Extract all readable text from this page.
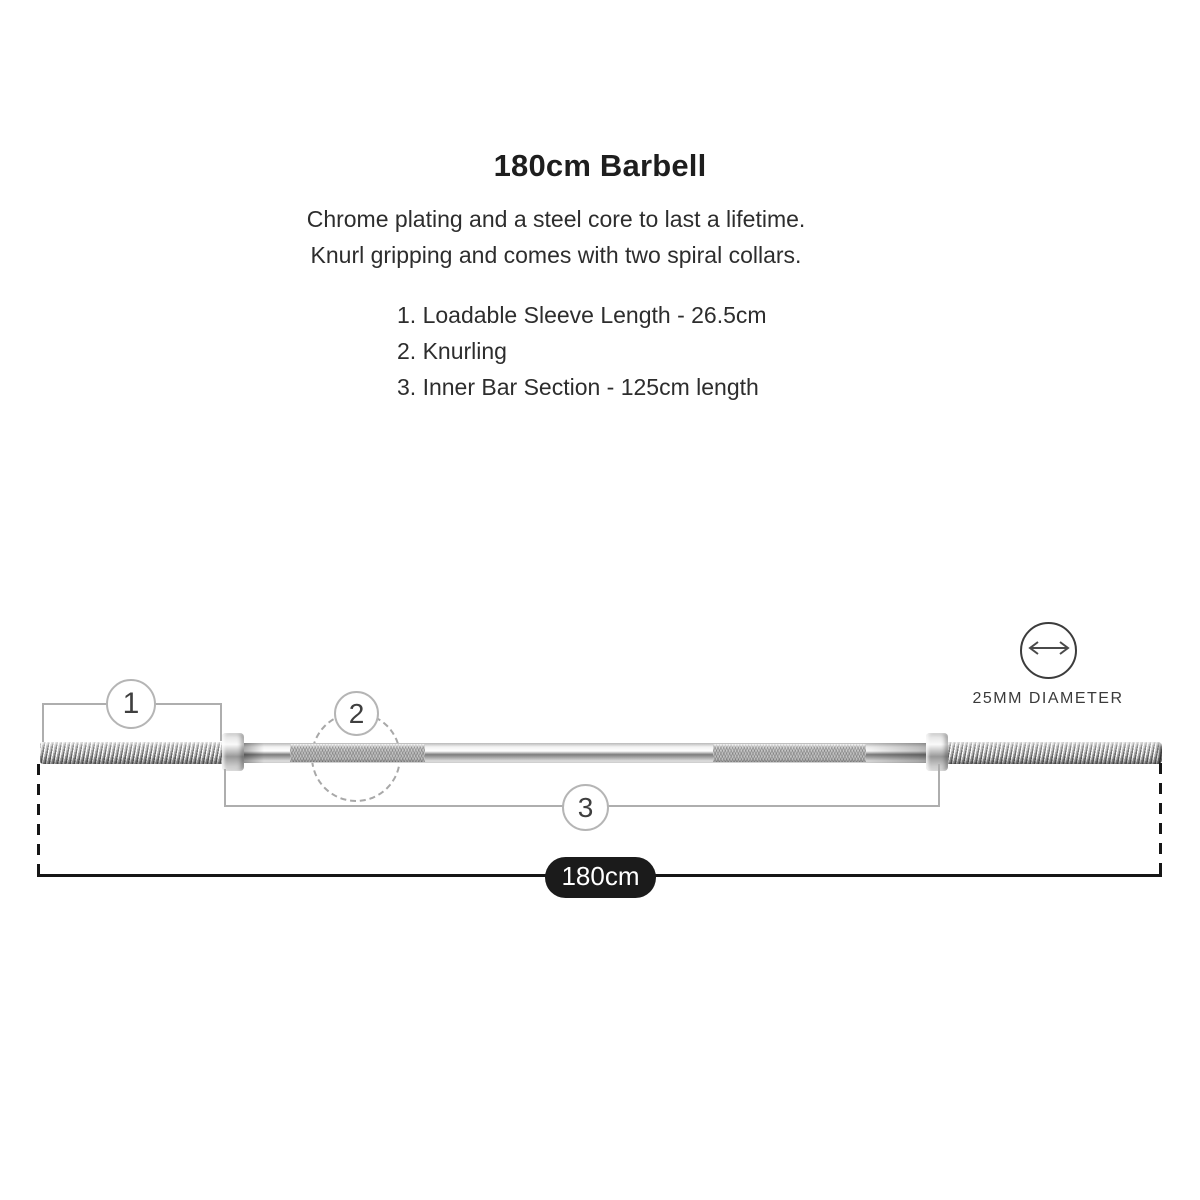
180cm Barbell
Chrome plating and a steel core to last a lifetime.
Knurl gripping and comes with two spiral collars.
1. Loadable Sleeve Length - 26.5cm
2. Knurling
3. Inner Bar Section - 125cm length
1	2
3
25MM DIAMETER
180cm
